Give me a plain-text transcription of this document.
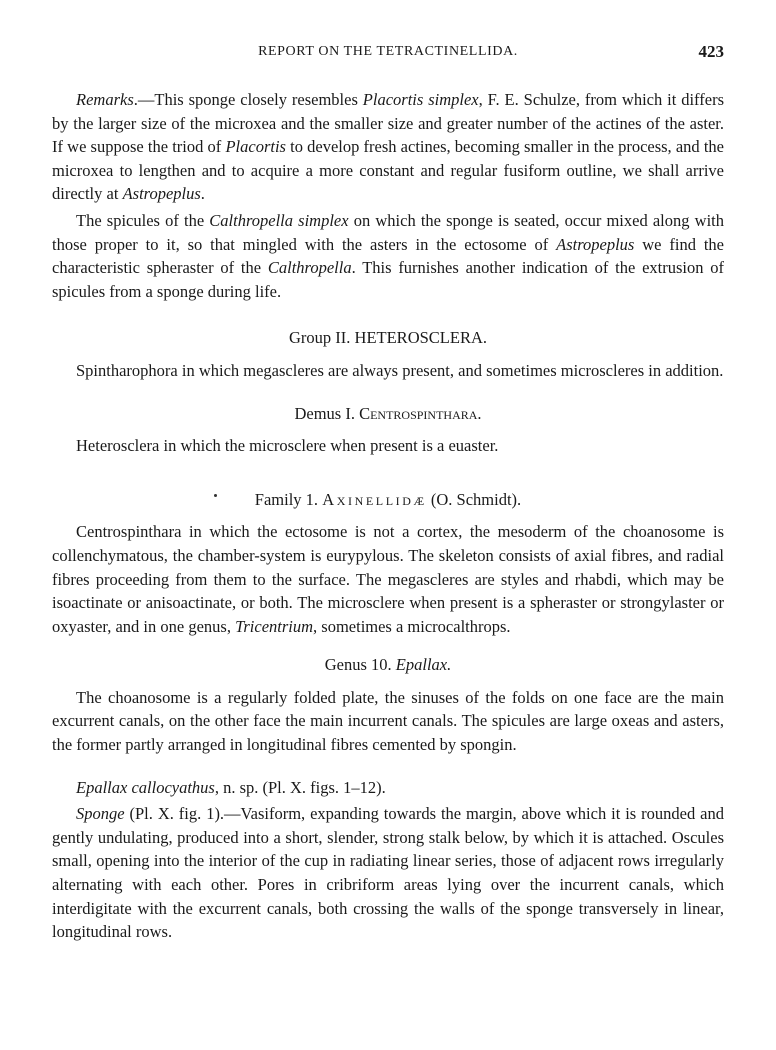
REPORT ON THE TETRACTINELLIDA.	423

Remarks.—This sponge closely resembles Placortis simplex, F. E. Schulze, from which it differs by the larger size of the microxea and the smaller size and greater number of the actines of the aster. If we suppose the triod of Placortis to develop fresh actines, becoming smaller in the process, and the microxea to lengthen and to acquire a more constant and regular fusiform outline, we shall arrive directly at Astropeplus.

The spicules of the Calthropella simplex on which the sponge is seated, occur mixed along with those proper to it, so that mingled with the asters in the ectosome of Astropeplus we find the characteristic spheraster of the Calthropella. This furnishes another indication of the extrusion of spicules from a sponge during life.

Group II. HETEROSCLERA.

Spintharophora in which megascleres are always present, and sometimes microscleres in addition.

Demus I. Centrospinthara.

Heterosclera in which the microsclere when present is a euaster.

Family 1. Axinellidæ (O. Schmidt).

Centrospinthara in which the ectosome is not a cortex, the mesoderm of the choanosome is collenchymatous, the chamber-system is eurypylous. The skeleton consists of axial fibres, and radial fibres proceeding from them to the surface. The megascleres are styles and rhabdi, which may be isoactinate or anisoactinate, or both. The microsclere when present is a spheraster or strongylaster or oxyaster, and in one genus, Tricentrium, sometimes a microcalthrops.

Genus 10. Epallax.

The choanosome is a regularly folded plate, the sinuses of the folds on one face are the main excurrent canals, on the other face the main incurrent canals. The spicules are large oxeas and asters, the former partly arranged in longitudinal fibres cemented by spongin.

Epallax callocyathus, n. sp. (Pl. X. figs. 1–12).

Sponge (Pl. X. fig. 1).—Vasiform, expanding towards the margin, above which it is rounded and gently undulating, produced into a short, slender, strong stalk below, by which it is attached. Oscules small, opening into the interior of the cup in radiating linear series, those of adjacent rows irregularly alternating with each other. Pores in cribriform areas lying over the incurrent canals, which interdigitate with the excurrent canals, both crossing the walls of the sponge transversely in linear, longitudinal rows.
